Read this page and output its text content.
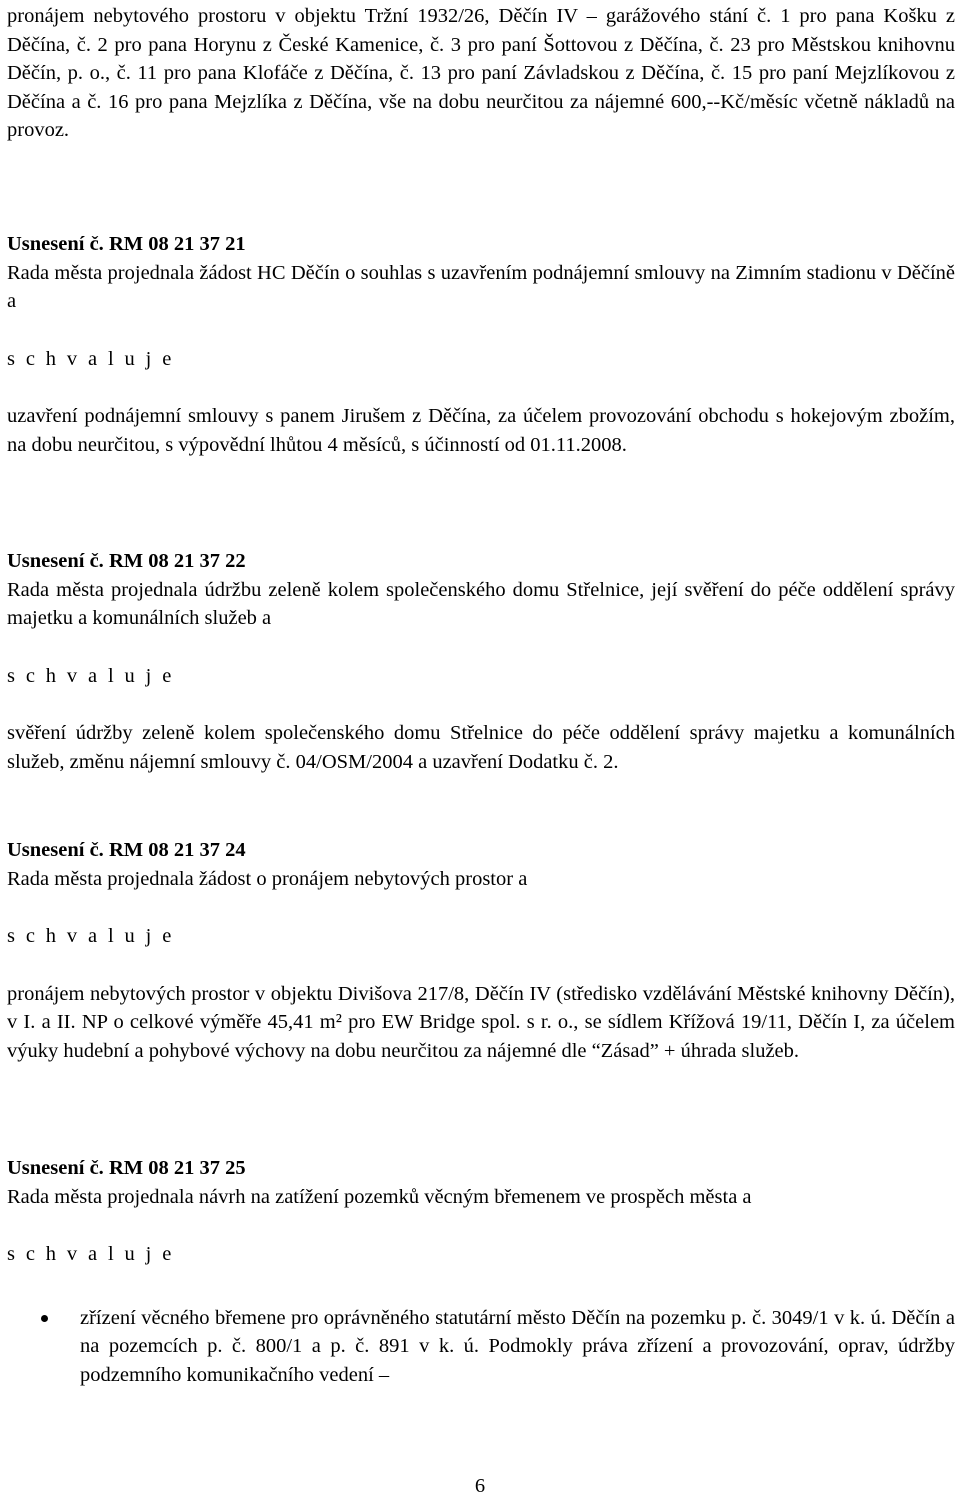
pronájem nebytového prostoru v objektu Tržní 1932/26, Děčín IV – garážového stání č. 1 pro pana Košku z Děčína, č. 2 pro pana Horynu z České Kamenice, č. 3 pro paní Šottovou z Děčína, č. 23 pro Městskou knihovnu Děčín, p. o., č. 11 pro pana Klofáče z Děčína, č. 13 pro paní Závladskou z Děčína, č. 15 pro paní Mejzlíkovou z Děčína a č. 16 pro pana Mejzlíka z Děčína, vše na dobu neurčitou za nájemné 600,--Kč/měsíc včetně nákladů na provoz.

Usnesení č. RM 08 21 37 21

Rada města projednala žádost HC Děčín o souhlas s uzavřením podnájemní smlouvy na Zimním stadionu v Děčíně a

s c h v a l u j e

uzavření podnájemní smlouvy s panem Jirušem z Děčína, za účelem provozování obchodu s hokejovým zbožím, na dobu neurčitou, s výpovědní lhůtou 4 měsíců, s účinností od 01.11.2008.

Usnesení č. RM 08 21 37 22

Rada města projednala údržbu zeleně kolem společenského domu Střelnice, její svěření do péče oddělení správy majetku a komunálních služeb a

s c h v a l u j e

svěření údržby zeleně kolem společenského domu Střelnice do péče oddělení správy majetku a komunálních služeb, změnu nájemní smlouvy č. 04/OSM/2004 a uzavření Dodatku č. 2.

Usnesení č. RM 08 21 37 24

Rada města projednala žádost o pronájem nebytových prostor a

s c h v a l u j e

pronájem nebytových prostor v objektu Divišova 217/8, Děčín IV (středisko vzdělávání Městské knihovny Děčín), v I. a II. NP o celkové výměře 45,41 m² pro EW Bridge spol. s r. o., se sídlem Křížová 19/11, Děčín I, za účelem výuky hudební a pohybové výchovy na dobu neurčitou za nájemné dle “Zásad” + úhrada služeb.

Usnesení č. RM 08 21 37 25

Rada města projednala návrh na zatížení pozemků věcným břemenem ve prospěch města a

s c h v a l u j e

zřízení věcného břemene pro oprávněného statutární město Děčín na pozemku p. č. 3049/1 v k. ú. Děčín a na pozemcích p. č. 800/1 a p. č. 891 v k. ú. Podmokly práva zřízení a provozování, oprav, údržby podzemního komunikačního vedení –

6
